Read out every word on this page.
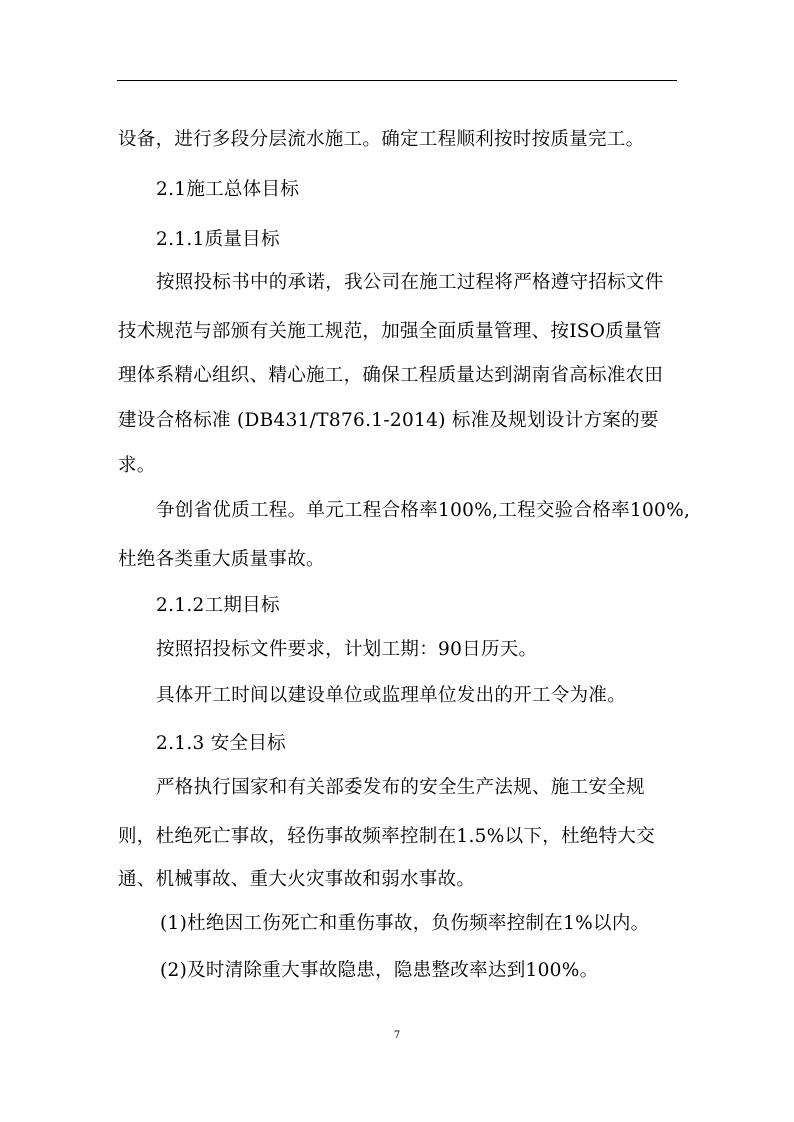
设备，进行多段分层流水施工。确定工程顺利按时按质量完工。

2.1施工总体目标

2.1.1质量目标

按照投标书中的承诺，我公司在施工过程将严格遵守招标文件

技术规范与部颁有关施工规范，加强全面质量管理、按ISO质量管

理体系精心组织、精心施工，确保工程质量达到湖南省高标准农田

建设合格标准 (DB431/T876.1-2014) 标准及规划设计方案的要

求。

争创省优质工程。单元工程合格率100%,工程交验合格率100%,

杜绝各类重大质量事故。

2.1.2工期目标

按照招投标文件要求，计划工期：90日历天。

具体开工时间以建设单位或监理单位发出的开工令为准。

2.1.3 安全目标

严格执行国家和有关部委发布的安全生产法规、施工安全规

则，杜绝死亡事故，轻伤事故频率控制在1.5%以下，杜绝特大交

通、机械事故、重大火灾事故和弱水事故。

(1)杜绝因工伤死亡和重伤事故，负伤频率控制在1%以内。

(2)及时清除重大事故隐患，隐患整改率达到100%。

7
